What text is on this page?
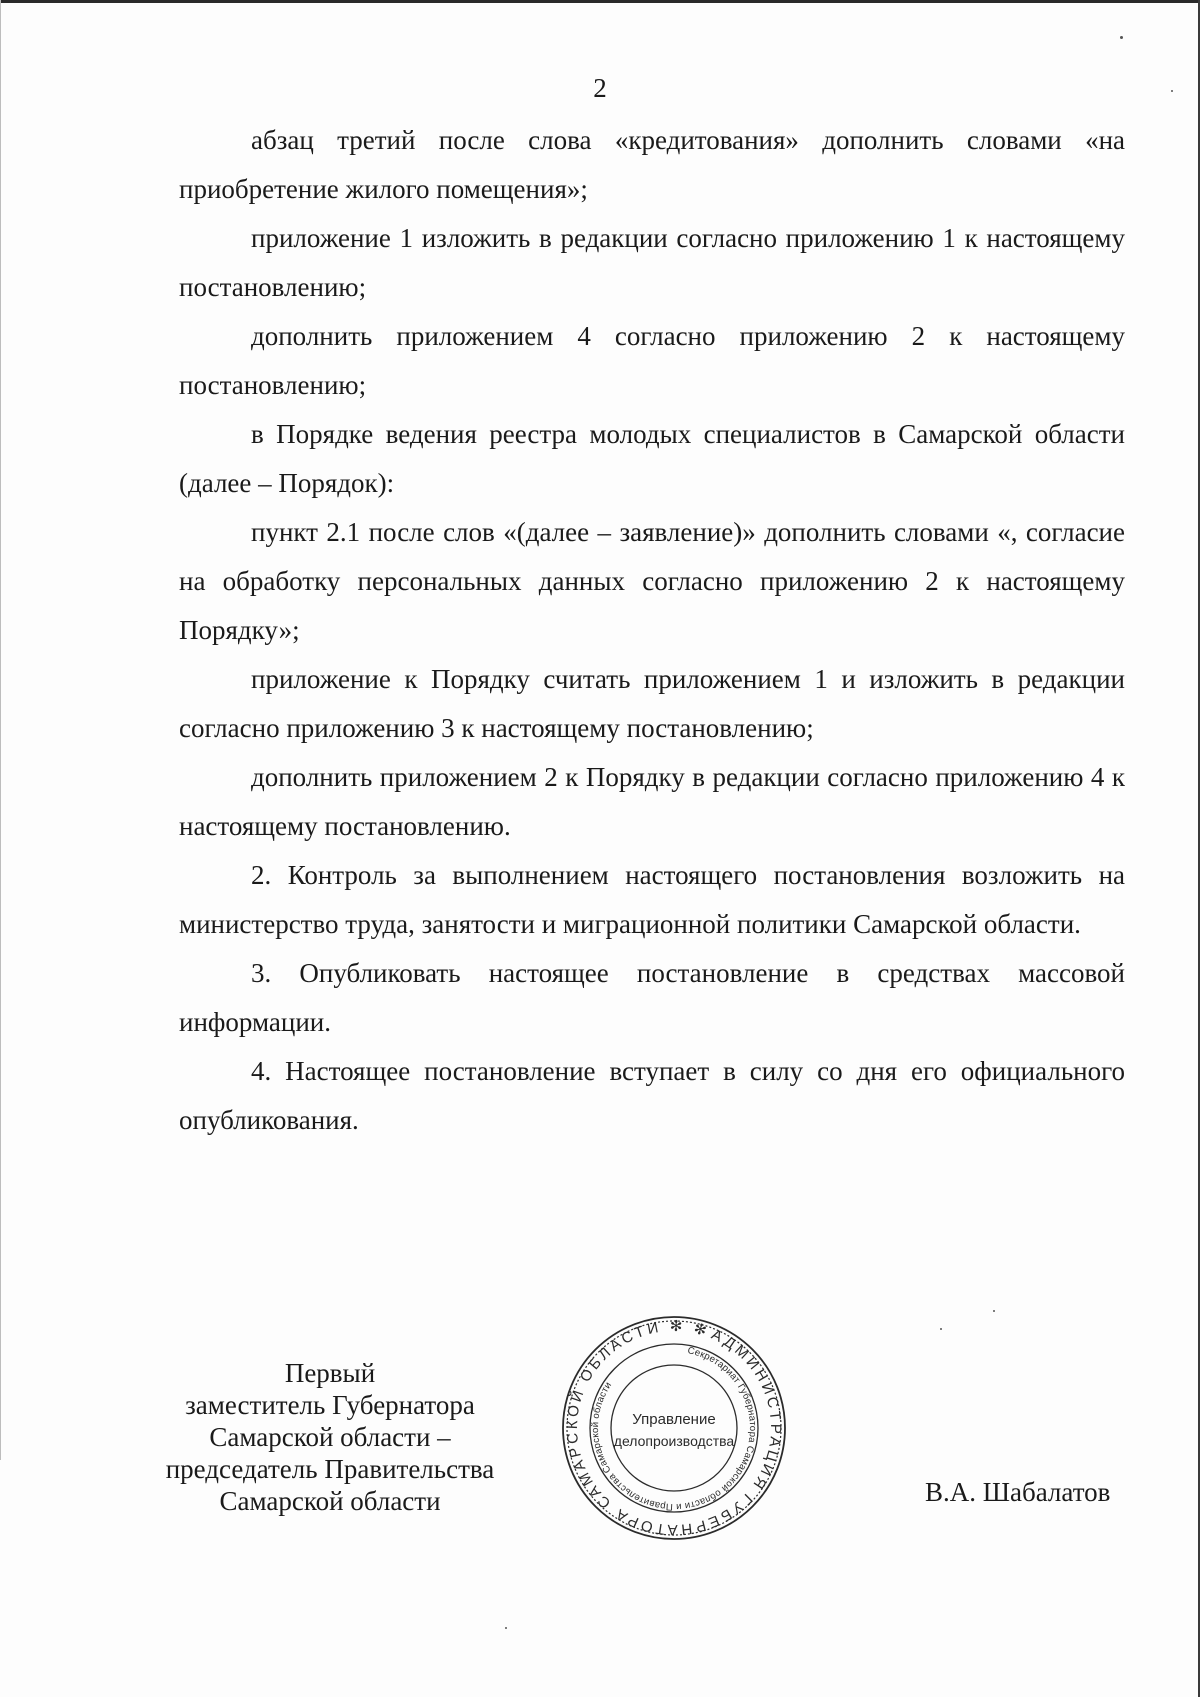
2

абзац третий после слова «кредитования» дополнить словами «на приобретение жилого помещения»;

приложение 1 изложить в редакции согласно приложению 1 к настоящему постановлению;

дополнить приложением 4 согласно приложению 2 к настоящему постановлению;

в Порядке ведения реестра молодых специалистов в Самарской области (далее – Порядок):

пункт 2.1 после слов «(далее – заявление)» дополнить словами «, согласие на обработку персональных данных согласно приложению 2 к настоящему Порядку»;

приложение к Порядку считать приложением 1 и изложить в редакции согласно приложению 3 к настоящему постановлению;

дополнить приложением 2 к Порядку в редакции согласно приложению 4 к настоящему постановлению.

2. Контроль за выполнением настоящего постановления возложить на министерство труда, занятости и миграционной политики Самарской области.

3. Опубликовать настоящее постановление в средствах массовой информации.

4. Настоящее постановление вступает в силу со дня его официального опубликования.

Первый
заместитель Губернатора
Самарской области –
председатель Правительства
Самарской области
АДМИНИСТРАЦИЯ ГУБЕРНАТОРА САМАРСКОЙ ОБЛАСТИ ✻ ✻
Секретариат Губернатора Самарской области и Правительства Самарской области
Управление
делопроизводства
В.А. Шабалатов
